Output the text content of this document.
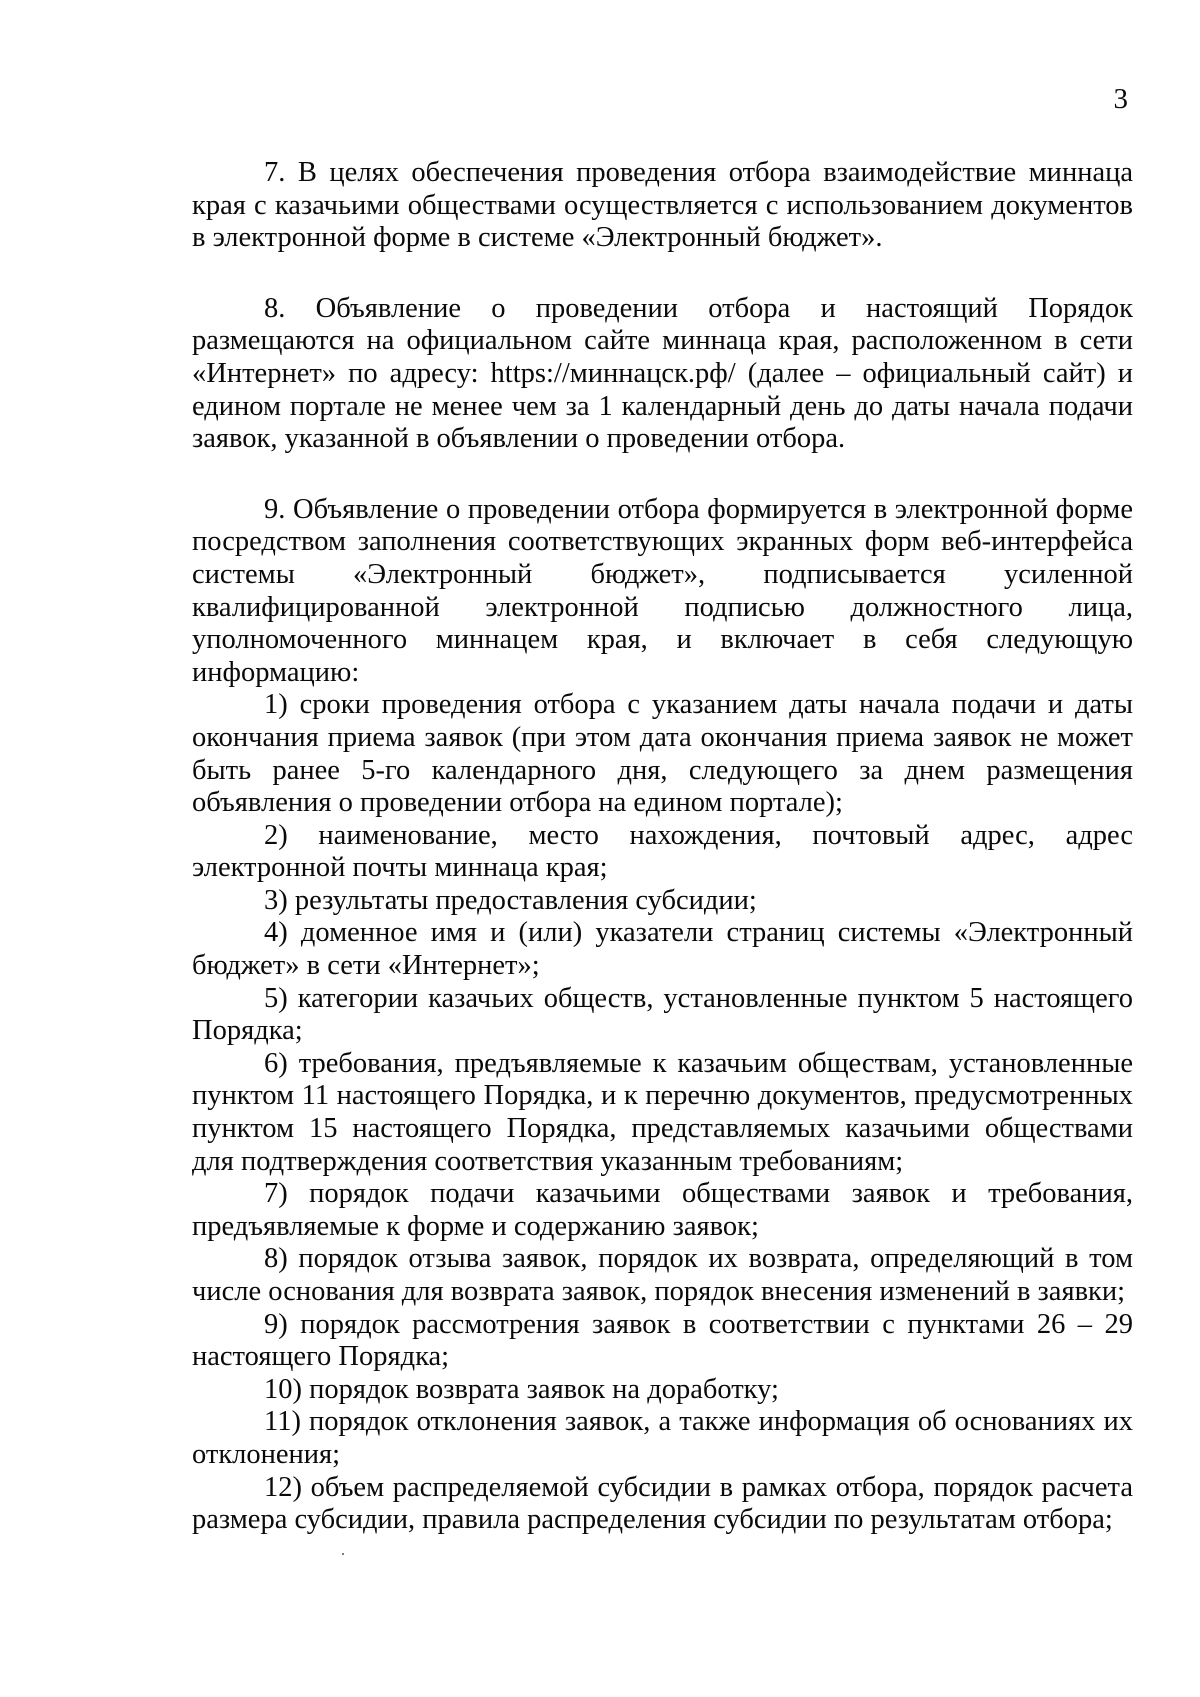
3

7. В целях обеспечения проведения отбора взаимодействие миннаца края с казачьими обществами осуществляется с использованием документов в электронной форме в системе «Электронный бюджет».

8. Объявление о проведении отбора и настоящий Порядок размещаются на официальном сайте миннаца края, расположенном в сети «Интернет» по адресу: https://миннацск.рф/ (далее – официальный сайт) и едином портале не менее чем за 1 календарный день до даты начала подачи заявок, указанной в объявлении о проведении отбора.

9. Объявление о проведении отбора формируется в электронной форме посредством заполнения соответствующих экранных форм веб-интерфейса системы «Электронный бюджет», подписывается усиленной квалифицированной электронной подписью должностного лица, уполномоченного миннацем края, и включает в себя следующую информацию:

1) сроки проведения отбора с указанием даты начала подачи и даты окончания приема заявок (при этом дата окончания приема заявок не может быть ранее 5-го календарного дня, следующего за днем размещения объявления о проведении отбора на едином портале);

2) наименование, место нахождения, почтовый адрес, адрес электронной почты миннаца края;

3) результаты предоставления субсидии;

4) доменное имя и (или) указатели страниц системы «Электронный бюджет» в сети «Интернет»;

5) категории казачьих обществ, установленные пунктом 5 настоящего Порядка;

6) требования, предъявляемые к казачьим обществам, установленные пунктом 11 настоящего Порядка, и к перечню документов, предусмотренных пунктом 15 настоящего Порядка, представляемых казачьими обществами для подтверждения соответствия указанным требованиям;

7) порядок подачи казачьими обществами заявок и требования, предъявляемые к форме и содержанию заявок;

8) порядок отзыва заявок, порядок их возврата, определяющий в том числе основания для возврата заявок, порядок внесения изменений в заявки;

9) порядок рассмотрения заявок в соответствии с пунктами 26 – 29 настоящего Порядка;

10) порядок возврата заявок на доработку;

11) порядок отклонения заявок, а также информация об основаниях их отклонения;

12) объем распределяемой субсидии в рамках отбора, порядок расчета размера субсидии, правила распределения субсидии по результатам отбора;
